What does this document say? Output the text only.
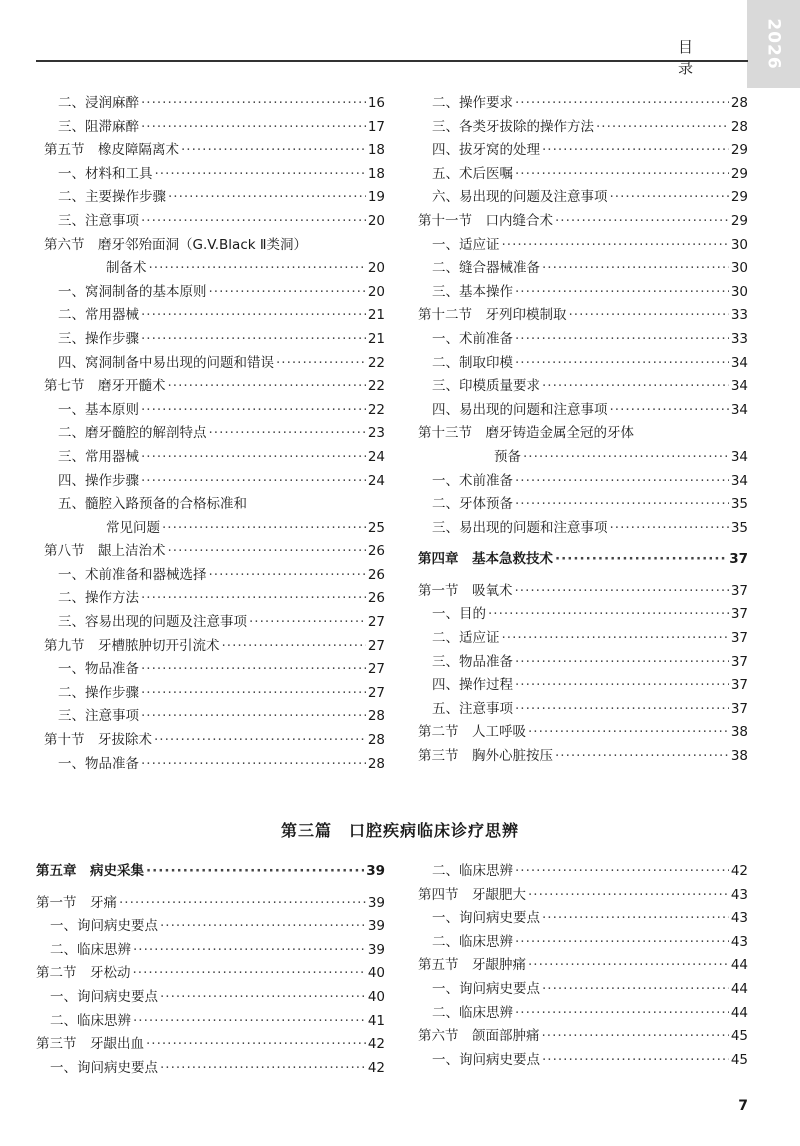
2026
目 录
二、浸润麻醉 ·····	16
三、阻滞麻醉 ·····	17
第五节　橡皮障隔离术 ·····	18
一、材料和工具 ·····	18
二、主要操作步骤 ·····	19
三、注意事项 ·····	20
第六节　磨牙邻殆面洞（G.V.Black Ⅱ类洞）
制备术 ·····	20
一、窝洞制备的基本原则 ·····	20
二、常用器械 ·····	21
三、操作步骤 ·····	21
四、窝洞制备中易出现的问题和错误 ·····	22
第七节　磨牙开髓术 ·····	22
一、基本原则 ·····	22
二、磨牙髓腔的解剖特点 ·····	23
三、常用器械 ·····	24
四、操作步骤 ·····	24
五、髓腔入路预备的合格标准和
常见问题 ·····	25
第八节　龈上洁治术 ·····	26
一、术前准备和器械选择 ·····	26
二、操作方法 ·····	26
三、容易出现的问题及注意事项 ·····	27
第九节　牙槽脓肿切开引流术 ·····	27
一、物品准备 ·····	27
二、操作步骤 ·····	27
三、注意事项 ·····	28
第十节　牙拔除术 ·····	28
一、物品准备 ·····	28
二、操作要求 ·····	28
三、各类牙拔除的操作方法 ·····	28
四、拔牙窝的处理 ·····	29
五、术后医嘱 ·····	29
六、易出现的问题及注意事项 ·····	29
第十一节　口内缝合术 ·····	29
一、适应证 ·····	30
二、缝合器械准备 ·····	30
三、基本操作 ·····	30
第十二节　牙列印模制取 ·····	33
一、术前准备 ·····	33
二、制取印模 ·····	34
三、印模质量要求 ·····	34
四、易出现的问题和注意事项 ·····	34
第十三节　磨牙铸造金属全冠的牙体
预备 ·····	34
一、术前准备 ·····	34
二、牙体预备 ·····	35
三、易出现的问题和注意事项 ·····	35
第四章　基本急救技术 ·····	37
第一节　吸氧术 ·····	37
一、目的 ·····	37
二、适应证 ·····	37
三、物品准备 ·····	37
四、操作过程 ·····	37
五、注意事项 ·····	37
第二节　人工呼吸 ·····	38
第三节　胸外心脏按压 ·····	38
第三篇　口腔疾病临床诊疗思辨
第五章　病史采集 ·····	39
第一节　牙痛 ·····	39
一、询问病史要点 ·····	39
二、临床思辨 ·····	39
第二节　牙松动 ·····	40
一、询问病史要点 ·····	40
二、临床思辨 ·····	41
第三节　牙龈出血 ·····	42
一、询问病史要点 ·····	42
二、临床思辨 ·····	42
第四节　牙龈肥大 ·····	43
一、询问病史要点 ·····	43
二、临床思辨 ·····	43
第五节　牙龈肿痛 ·····	44
一、询问病史要点 ·····	44
二、临床思辨 ·····	44
第六节　颌面部肿痛 ·····	45
一、询问病史要点 ·····	45
7
